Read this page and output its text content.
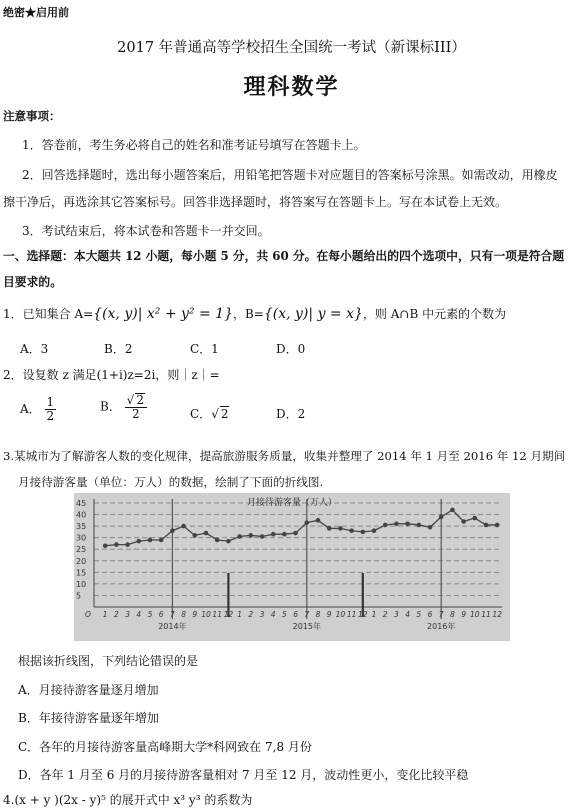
绝密★启用前
2017 年普通高等学校招生全国统一考试（新课标III）
理科数学
注意事项：
1．答卷前，考生务必将自己的姓名和准考证号填写在答题卡上。
2．回答选择题时，选出每小题答案后，用铅笔把答题卡对应题目的答案标号涂黑。如需改动，用橡皮
擦干净后，再选涂其它答案标号。回答非选择题时，将答案写在答题卡上。写在本试卷上无效。
3．考试结束后，将本试卷和答题卡一并交回。
一、选择题：本大题共 12 小题，每小题 5 分，共 60 分。在每小题给出的四个选项中，只有一项是符合题
目要求的。
1．已知集合 A={(x, y)| x² + y² = 1}，B={(x, y)| y = x}，则 A∩B 中元素的个数为
A．3	B．2	C．1	D．0
2．设复数 z 满足(1+i)z=2i，则｜z｜=
A． $\frac{1}{2}$	B． $\frac{√ 2}{2}$	C．√ 2	D．2
3.某城市为了解游客人数的变化规律，提高旅游服务质量，收集并整理了 2014 年 1 月至 2016 年 12 月期间
月接待游客量（单位：万人）的数据，绘制了下面的折线图.
5
10
15
20
25
30
35
40
45	月接待游客量（万人）
O 1 2 3 4 5 6 7 8 9 10 11 12 1 2 3 4 5 6 7 8 9 10 11 12 1 2 3 4 5 6 7 8 9 10 11 12
2014年	2015年	2016年
根据该折线图，下列结论错误的是
A．月接待游客量逐月增加
B．年接待游客量逐年增加
C．各年的月接待游客量高峰期大学*科网致在 7,8 月份
D．各年 1 月至 6 月的月接待游客量相对 7 月至 12 月，波动性更小，变化比较平稳
4.(x + y )(2x - y)⁵ 的展开式中 x³ y³ 的系数为
